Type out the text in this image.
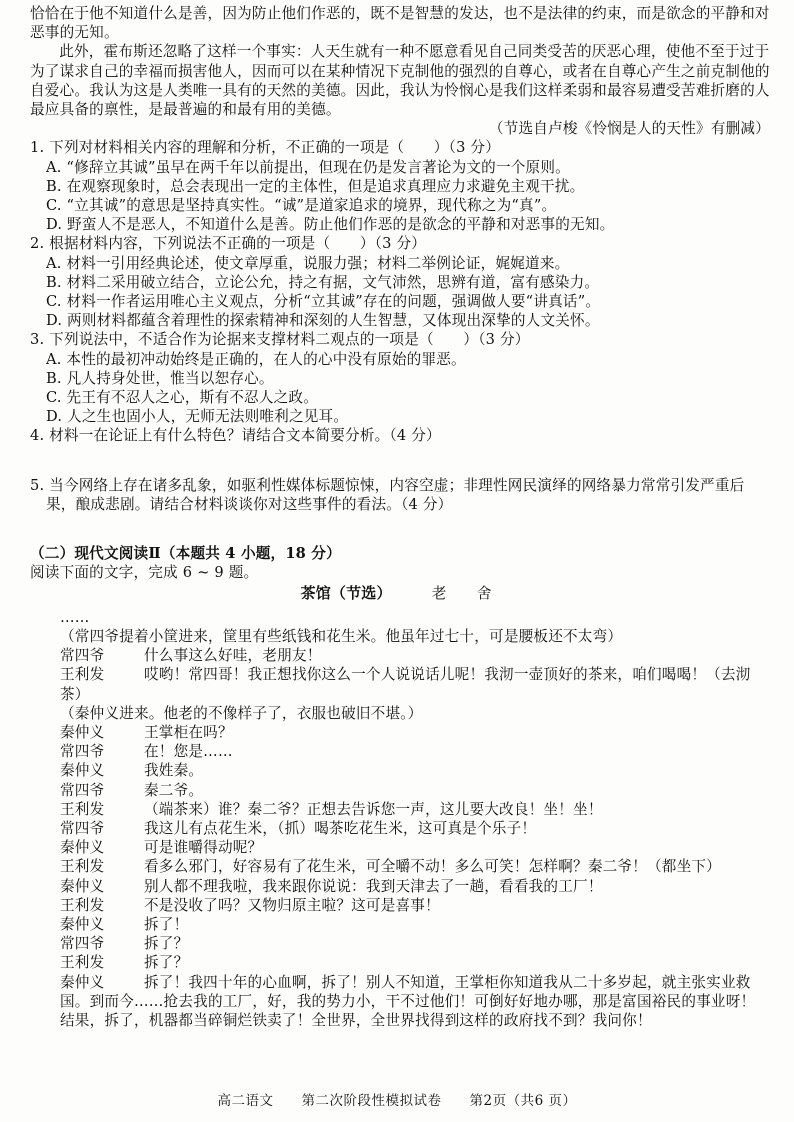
恰恰在于他不知道什么是善，因为防止他们作恶的，既不是智慧的发达，也不是法律的约束，而是欲念的平静和对恶事的无知。

此外，霍布斯还忽略了这样一个事实：人天生就有一种不愿意看见自己同类受苦的厌恶心理，使他不至于过于为了谋求自己的幸福而损害他人，因而可以在某种情况下克制他的强烈的自尊心，或者在自尊心产生之前克制他的自爱心。我认为这是人类唯一具有的天然的美德。因此，我认为怜悯心是我们这样柔弱和最容易遭受苦难折磨的人最应具备的禀性，是最普遍的和最有用的美德。

（节选自卢梭《怜悯是人的天性》有删减）

1. 下列对材料相关内容的理解和分析，不正确的一项是（　　）（3 分）

A. “修辞立其诚”虽早在两千年以前提出，但现在仍是发言著论为文的一个原则。

B. 在观察现象时，总会表现出一定的主体性，但是追求真理应力求避免主观干扰。

C. “立其诚”的意思是坚持真实性。“诚”是道家追求的境界，现代称之为“真”。

D. 野蛮人不是恶人，不知道什么是善。防止他们作恶的是欲念的平静和对恶事的无知。

2. 根据材料内容，下列说法不正确的一项是（　　）（3 分）

A. 材料一引用经典论述，使文章厚重，说服力强；材料二举例论证，娓娓道来。

B. 材料二采用破立结合，立论公允，持之有据，文气沛然，思辨有道，富有感染力。

C. 材料一作者运用唯心主义观点，分析“立其诚”存在的问题，强调做人要“讲真话”。

D. 两则材料都蕴含着理性的探索精神和深刻的人生智慧，又体现出深挚的人文关怀。

3. 下列说法中，不适合作为论据来支撑材料二观点的一项是（　　）（3 分）

A. 本性的最初冲动始终是正确的，在人的心中没有原始的罪恶。

B. 凡人持身处世，惟当以恕存心。

C. 先王有不忍人之心，斯有不忍人之政。

D. 人之生也固小人，无师无法则唯利之见耳。

4. 材料一在论证上有什么特色？请结合文本简要分析。（4 分）

5. 当今网络上存在诸多乱象，如驱利性媒体标题惊悚，内容空虚；非理性网民演绎的网络暴力常常引发严重后果，酿成悲剧。请结合材料谈谈你对这些事件的看法。（4 分）

（二）现代文阅读Ⅱ（本题共 4 小题，18 分）

阅读下面的文字，完成 6 ~ 9 题。

茶馆（节选）	老　舍

……

（常四爷提着小筐进来，筐里有些纸钱和花生米。他虽年过七十，可是腰板还不太弯）

常四爷	什么事这么好哇，老朋友！

王利发	哎哟！常四哥！我正想找你这么一个人说说话儿呢！我沏一壶顶好的茶来，咱们喝喝！（去沏茶）

（秦仲义进来。他老的不像样子了，衣服也破旧不堪。）

秦仲义	王掌柜在吗？

常四爷	在！您是……

秦仲义	我姓秦。

常四爷	秦二爷。

王利发	（端茶来）谁？秦二爷？正想去告诉您一声，这儿要大改良！坐！坐！

常四爷	我这儿有点花生米，（抓）喝茶吃花生米，这可真是个乐子！

秦仲义	可是谁嚼得动呢？

王利发	看多么邪门，好容易有了花生米，可全嚼不动！多么可笑！怎样啊？秦二爷！（都坐下）

秦仲义	别人都不理我啦，我来跟你说说：我到天津去了一趟，看看我的工厂！

王利发	不是没收了吗？又物归原主啦？这可是喜事！

秦仲义	拆了！

常四爷	拆了？

王利发	拆了？

秦仲义	拆了！我四十年的心血啊，拆了！别人不知道，王掌柜你知道我从二十多岁起，就主张实业救国。到而今……抢去我的工厂，好，我的势力小，干不过他们！可倒好好地办哪，那是富国裕民的事业呀！结果，拆了，机器都当碎铜烂铁卖了！全世界，全世界找得到这样的政府找不到？我问你！

高二语文 第二次阶段性模拟试卷 第2页（共6 页）
